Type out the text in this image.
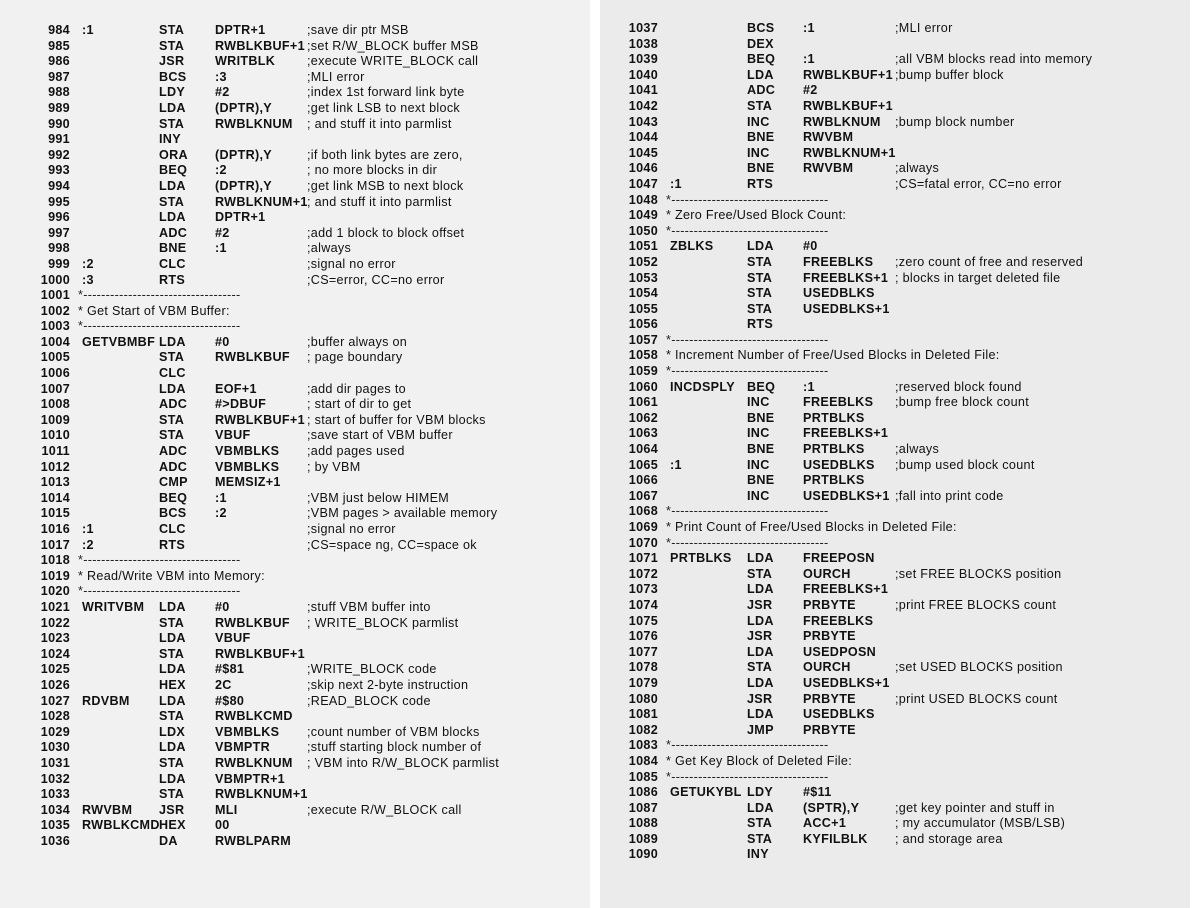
984 :1	STA DPTR+1	;save dir ptr MSB
985	STA RWBLKBUF+1 ;set R/W_BLOCK buffer MSB
986	JSR WRITBLK	;execute WRITE_BLOCK call
987	BCS :3	;MLI error
988	LDY #2	;index 1st forward link byte
989	LDA (DPTR),Y	;get link LSB to next block
990	STA RWBLKNUM ; and stuff it into parmlist
991	INY
992	ORA (DPTR),Y	;if both link bytes are zero,
993	BEQ :2	; no more blocks in dir
994	LDA (DPTR),Y	;get link MSB to next block
995	STA RWBLKNUM+1 ; and stuff it into parmlist
996	LDA DPTR+1
997	ADC #2	;add 1 block to block offset
998	BNE :1	;always
999 :2	CLC	;signal no error
1000 :3	RTS	;CS=error, CC=no error
1001 *-----------------------------------
1002 * Get Start of VBM Buffer:
1003 *-----------------------------------
1004 GETVBMBF LDA #0	;buffer always on
1005	STA RWBLKBUF ; page boundary
1006	CLC
1007	LDA EOF+1	;add dir pages to
1008	ADC #>DBUF	; start of dir to get
1009	STA RWBLKBUF+1 ; start of buffer for VBM blocks
1010	STA VBUF	;save start of VBM buffer
1011	ADC VBMBLKS ;add pages used
1012	ADC VBMBLKS ; by VBM
1013	CMP MEMSIZ+1
1014	BEQ :1	;VBM just below HIMEM
1015	BCS :2	;VBM pages > available memory
1016 :1	CLC	;signal no error
1017 :2	RTS	;CS=space ng, CC=space ok
1018 *-----------------------------------
1019 * Read/Write VBM into Memory:
1020 *-----------------------------------
1021 WRITVBM LDA #0	;stuff VBM buffer into
1022	STA RWBLKBUF ; WRITE_BLOCK parmlist
1023	LDA VBUF
1024	STA RWBLKBUF+1
1025	LDA #$81	;WRITE_BLOCK code
1026	HEX 2C	;skip next 2-byte instruction
1027 RDVBM LDA #$80	;READ_BLOCK code
1028	STA RWBLKCMD
1029	LDX VBMBLKS ;count number of VBM blocks
1030	LDA VBMPTR	;stuff starting block number of
1031	STA RWBLKNUM ; VBM into R/W_BLOCK parmlist
1032	LDA VBMPTR+1
1033	STA RWBLKNUM+1
1034 RWVBM JSR MLI	;execute R/W_BLOCK call
1035 RWBLKCMD HEX 00
1036	DA	RWBLPARM
1037	BCS :1	;MLI error
1038	DEX
1039	BEQ :1	;all VBM blocks read into memory
1040	LDA RWBLKBUF+1 ;bump buffer block
1041	ADC #2
1042	STA RWBLKBUF+1
1043	INC	RWBLKNUM ;bump block number
1044	BNE RWVBM
1045	INC	RWBLKNUM+1
1046	BNE RWVBM	;always
1047 :1	RTS	;CS=fatal error, CC=no error
1048 *-----------------------------------
1049 * Zero Free/Used Block Count:
1050 *-----------------------------------
1051 ZBLKS	LDA #0
1052	STA FREEBLKS ;zero count of free and reserved
1053	STA FREEBLKS+1 ; blocks in target deleted file
1054	STA USEDBLKS
1055	STA USEDBLKS+1
1056	RTS
1057 *-----------------------------------
1058 * Increment Number of Free/Used Blocks in Deleted File:
1059 *-----------------------------------
1060 INCDSPLY BEQ :1	;reserved block found
1061	INC	FREEBLKS ;bump free block count
1062	BNE PRTBLKS
1063	INC	FREEBLKS+1
1064	BNE PRTBLKS ;always
1065 :1	INC	USEDBLKS ;bump used block count
1066	BNE PRTBLKS
1067	INC	USEDBLKS+1 ;fall into print code
1068 *-----------------------------------
1069 * Print Count of Free/Used Blocks in Deleted File:
1070 *-----------------------------------
1071 PRTBLKS LDA FREEPOSN
1072	STA OURCH	;set FREE BLOCKS position
1073	LDA FREEBLKS+1
1074	JSR PRBYTE	;print FREE BLOCKS count
1075	LDA FREEBLKS
1076	JSR PRBYTE
1077	LDA USEDPOSN
1078	STA OURCH	;set USED BLOCKS position
1079	LDA USEDBLKS+1
1080	JSR PRBYTE	;print USED BLOCKS count
1081	LDA USEDBLKS
1082	JMP PRBYTE
1083 *-----------------------------------
1084 * Get Key Block of Deleted File:
1085 *-----------------------------------
1086 GETUKYBL LDY #$11
1087	LDA (SPTR),Y	;get key pointer and stuff in
1088	STA ACC+1	; my accumulator (MSB/LSB)
1089	STA KYFILBLK ; and storage area
1090	INY
